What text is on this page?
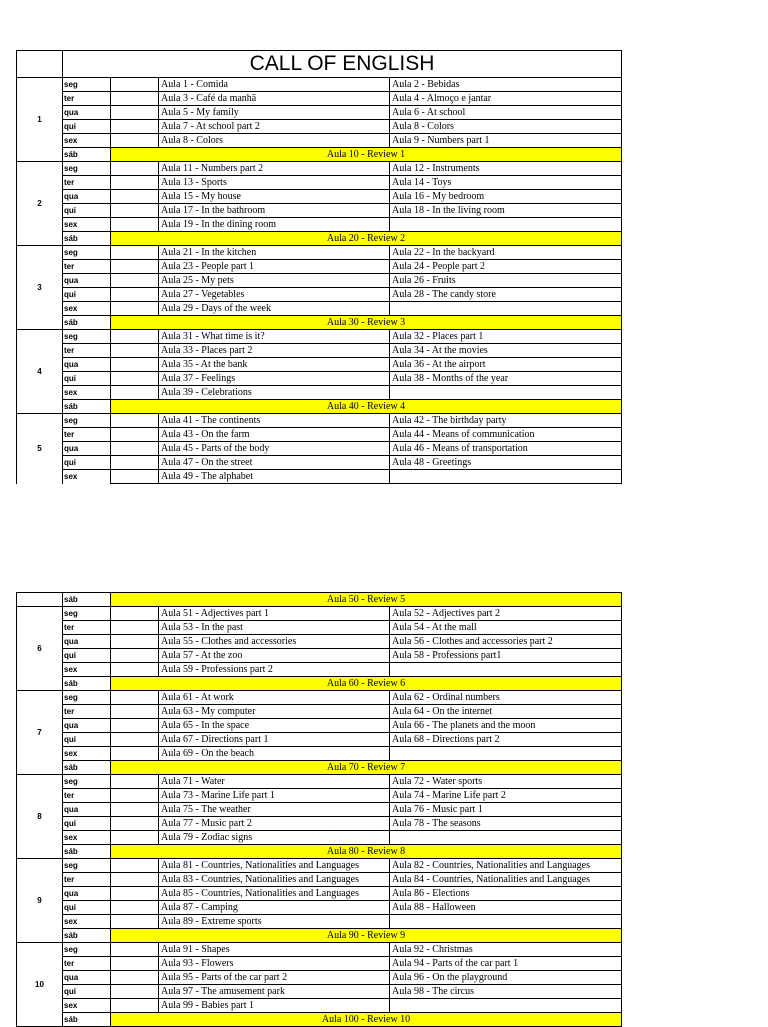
	CALL OF ENGLISH			
1	seg		Aula 1 - Comida	Aula 2 - Bebidas
	ter		Aula 3 - Café da manhã	Aula 4 - Almoço e jantar
	qua		Aula 5 - My family	Aula 6 - At school
	qui		Aula 7 - At school part 2	Aula 8 - Colors
	sex		Aula 8 - Colors	Aula 9 - Numbers part 1
	sáb	Aula 10 - Review 1		
2	seg		Aula 11 - Numbers part 2	Aula 12 - Instruments
	ter		Aula 13 - Sports	Aula 14 - Toys
	qua		Aula 15 - My house	Aula 16 - My bedroom
	qui		Aula 17 - In the bathroom	Aula 18 - In the living room
	sex		Aula 19 - In the dining room	
	sáb	Aula 20 - Review 2		
3	seg		Aula 21 - In the kitchen	Aula 22 - In the backyard
	ter		Aula 23 - People part 1	Aula 24 - People part 2
	qua		Aula 25 - My pets	Aula 26 - Fruits
	qui		Aula 27 - Vegetables	Aula 28 - The candy store
	sex		Aula 29 - Days of the week	
	sáb	Aula 30 - Review 3		
4	seg		Aula 31 - What time is it?	Aula 32 - Places part 1
	ter		Aula 33 - Places part 2	Aula 34 - At the movies
	qua		Aula 35 - At the bank	Aula 36 - At the airport
	qui		Aula 37 - Feelings	Aula 38 - Months of the year
	sex		Aula 39 - Celebrations	
	sáb	Aula 40 - Review 4		
5	seg		Aula 41 - The continents	Aula 42 - The birthday party
	ter		Aula 43 - On the farm	Aula 44 - Means of communication
	qua		Aula 45 - Parts of the body	Aula 46 - Means of transportation
	qui		Aula 47 - On the street	Aula 48 - Greetings
	sex		Aula 49 - The alphabet	
	sáb	Aula 50 - Review 5		
6	seg		Aula 51 - Adjectives part 1	Aula 52 - Adjectives part 2
	ter		Aula 53 - In the past	Aula 54 - At the mall
	qua		Aula 55 - Clothes and accessories	Aula 56 - Clothes and accessories part 2
	qui		Aula 57 - At the zoo	Aula 58 - Professions part1
	sex		Aula 59 - Professions part 2	
	sáb	Aula 60 - Review 6		
7	seg		Aula 61 - At work	Aula 62 - Ordinal numbers
	ter		Aula 63 - My computer	Aula 64 - On the internet
	qua		Aula 65 - In the space	Aula 66 - The planets and the moon
	qui		Aula 67 - Directions part 1	Aula 68 - Directions part 2
	sex		Aula 69 - On the beach	
	sáb	Aula 70 - Review 7		
8	seg		Aula 71 - Water	Aula 72 - Water sports
	ter		Aula 73 - Marine Life part 1	Aula 74 - Marine Life part 2
	qua		Aula 75 - The weather	Aula 76 - Music part 1
	qui		Aula 77 - Music part 2	Aula 78 - The seasons
	sex		Aula 79 - Zodiac signs	
	sáb	Aula 80 - Review 8		
9	seg		Aula 81 - Countries, Nationalities and Languages	Aula 82 - Countries, Nationalities and Languages
	ter		Aula 83 - Countries, Nationalities and Languages	Aula 84 - Countries, Nationalities and Languages
	qua		Aula 85 - Countries, Nationalities and Languages	Aula 86 - Elections
	qui		Aula 87 - Camping	Aula 88 - Halloween
	sex		Aula 89 - Extreme sports	
	sáb	Aula 90 - Review 9		
10	seg		Aula 91 - Shapes	Aula 92 - Christmas
	ter		Aula 93 - Flowers	Aula 94 - Parts of the car part 1
	qua		Aula 95 - Parts of the car part 2	Aula 96 - On the playground
	qui		Aula 97 - The amusement park	Aula 98 - The circus
	sex		Aula 99 - Babies part 1	
	sáb	Aula 100 - Review 10		
